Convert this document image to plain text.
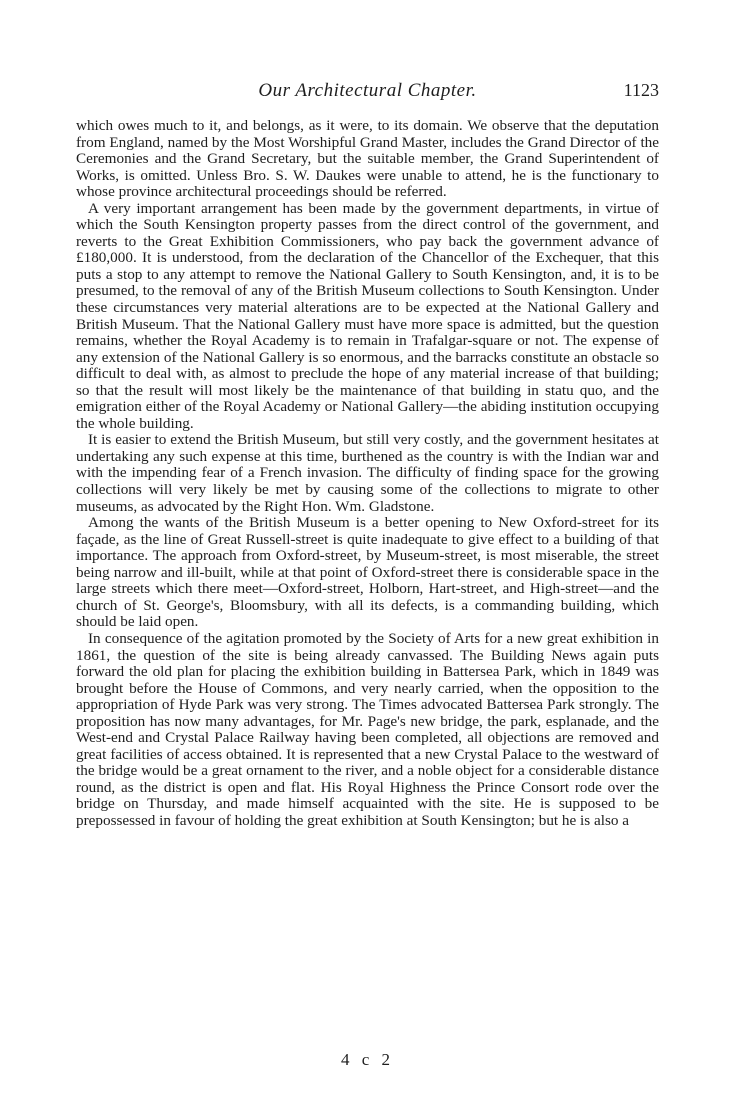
Our Architectural Chapter.	1123

which owes much to it, and belongs, as it were, to its domain. We observe that the deputation from England, named by the Most Worshipful Grand Master, includes the Grand Director of the Ceremonies and the Grand Secretary, but the suitable member, the Grand Superintendent of Works, is omitted. Unless Bro. S. W. Daukes were unable to attend, he is the functionary to whose province architectural proceedings should be referred.

A very important arrangement has been made by the government departments, in virtue of which the South Kensington property passes from the direct control of the government, and reverts to the Great Exhibition Commissioners, who pay back the government advance of £180,000. It is understood, from the declaration of the Chancellor of the Exchequer, that this puts a stop to any attempt to remove the National Gallery to South Kensington, and, it is to be presumed, to the removal of any of the British Museum collections to South Kensington. Under these circumstances very material alterations are to be expected at the National Gallery and British Museum. That the National Gallery must have more space is admitted, but the question remains, whether the Royal Academy is to remain in Trafalgar-square or not. The expense of any extension of the National Gallery is so enormous, and the barracks constitute an obstacle so difficult to deal with, as almost to preclude the hope of any material increase of that building; so that the result will most likely be the maintenance of that building in statu quo, and the emigration either of the Royal Academy or National Gallery—the abiding institution occupying the whole building.

It is easier to extend the British Museum, but still very costly, and the government hesitates at undertaking any such expense at this time, burthened as the country is with the Indian war and with the impending fear of a French invasion. The difficulty of finding space for the growing collections will very likely be met by causing some of the collections to migrate to other museums, as advocated by the Right Hon. Wm. Gladstone.

Among the wants of the British Museum is a better opening to New Oxford-street for its façade, as the line of Great Russell-street is quite inadequate to give effect to a building of that importance. The approach from Oxford-street, by Museum-street, is most miserable, the street being narrow and ill-built, while at that point of Oxford-street there is considerable space in the large streets which there meet—Oxford-street, Holborn, Hart-street, and High-street—and the church of St. George's, Bloomsbury, with all its defects, is a commanding building, which should be laid open.

In consequence of the agitation promoted by the Society of Arts for a new great exhibition in 1861, the question of the site is being already canvassed. The Building News again puts forward the old plan for placing the exhibition building in Battersea Park, which in 1849 was brought before the House of Commons, and very nearly carried, when the opposition to the appropriation of Hyde Park was very strong. The Times advocated Battersea Park strongly. The proposition has now many advantages, for Mr. Page's new bridge, the park, esplanade, and the West-end and Crystal Palace Railway having been completed, all objections are removed and great facilities of access obtained. It is represented that a new Crystal Palace to the westward of the bridge would be a great ornament to the river, and a noble object for a considerable distance round, as the district is open and flat. His Royal Highness the Prince Consort rode over the bridge on Thursday, and made himself acquainted with the site. He is supposed to be prepossessed in favour of holding the great exhibition at South Kensington; but he is also a

4 c 2
